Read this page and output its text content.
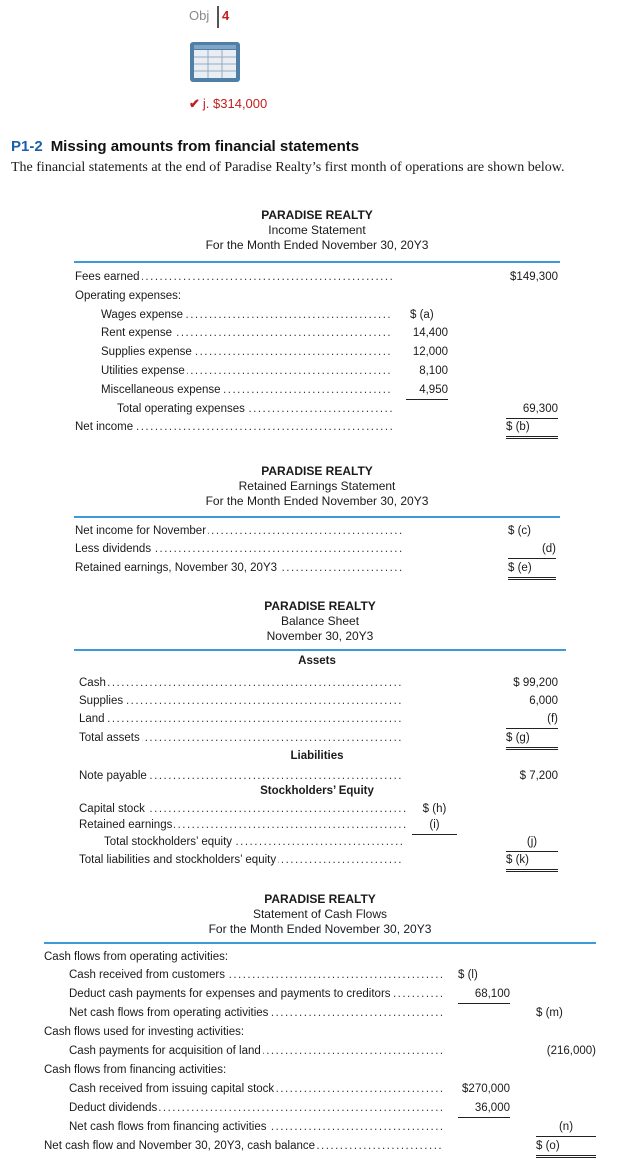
Obj 4
✔ j. $314,000
P1-2 Missing amounts from financial statements
The financial statements at the end of Paradise Realty’s first month of operations are shown below.
PARADISE REALTY
Income Statement
For the Month Ended November 30, 20Y3
Fees earned .....	$149,300
Operating expenses:
Wages expense .....	$ (a)
Rent expense .....	14,400
Supplies expense .....	12,000
Utilities expense .....	8,100
Miscellaneous expense .....	4,950
Total operating expenses .....	69,300
Net income .....	$ (b)
PARADISE REALTY
Retained Earnings Statement
For the Month Ended November 30, 20Y3
Net income for November .....	$ (c)
Less dividends .....	(d)
Retained earnings, November 30, 20Y3 .....	$ (e)
PARADISE REALTY
Balance Sheet
November 30, 20Y3
Assets
Cash .....	$ 99,200
Supplies .....	6,000
Land .....	(f)
Total assets .....	$ (g)
Liabilities
Note payable .....	$ 7,200
Stockholders’ Equity
Capital stock .....	$ (h)
Retained earnings .....	(i)
Total stockholders’ equity .....	(j)
Total liabilities and stockholders’ equity .....	$ (k)
PARADISE REALTY
Statement of Cash Flows
For the Month Ended November 30, 20Y3
Cash flows from operating activities:
Cash received from customers .....	$ (l)
Deduct cash payments for expenses and payments to creditors .....	68,100
Net cash flows from operating activities .....	$ (m)
Cash flows used for investing activities:
Cash payments for acquisition of land .....	(216,000)
Cash flows from financing activities:
Cash received from issuing capital stock .....	$270,000
Deduct dividends .....	36,000
Net cash flows from financing activities .....	(n)
Net cash flow and November 30, 20Y3, cash balance .....	$ (o)
